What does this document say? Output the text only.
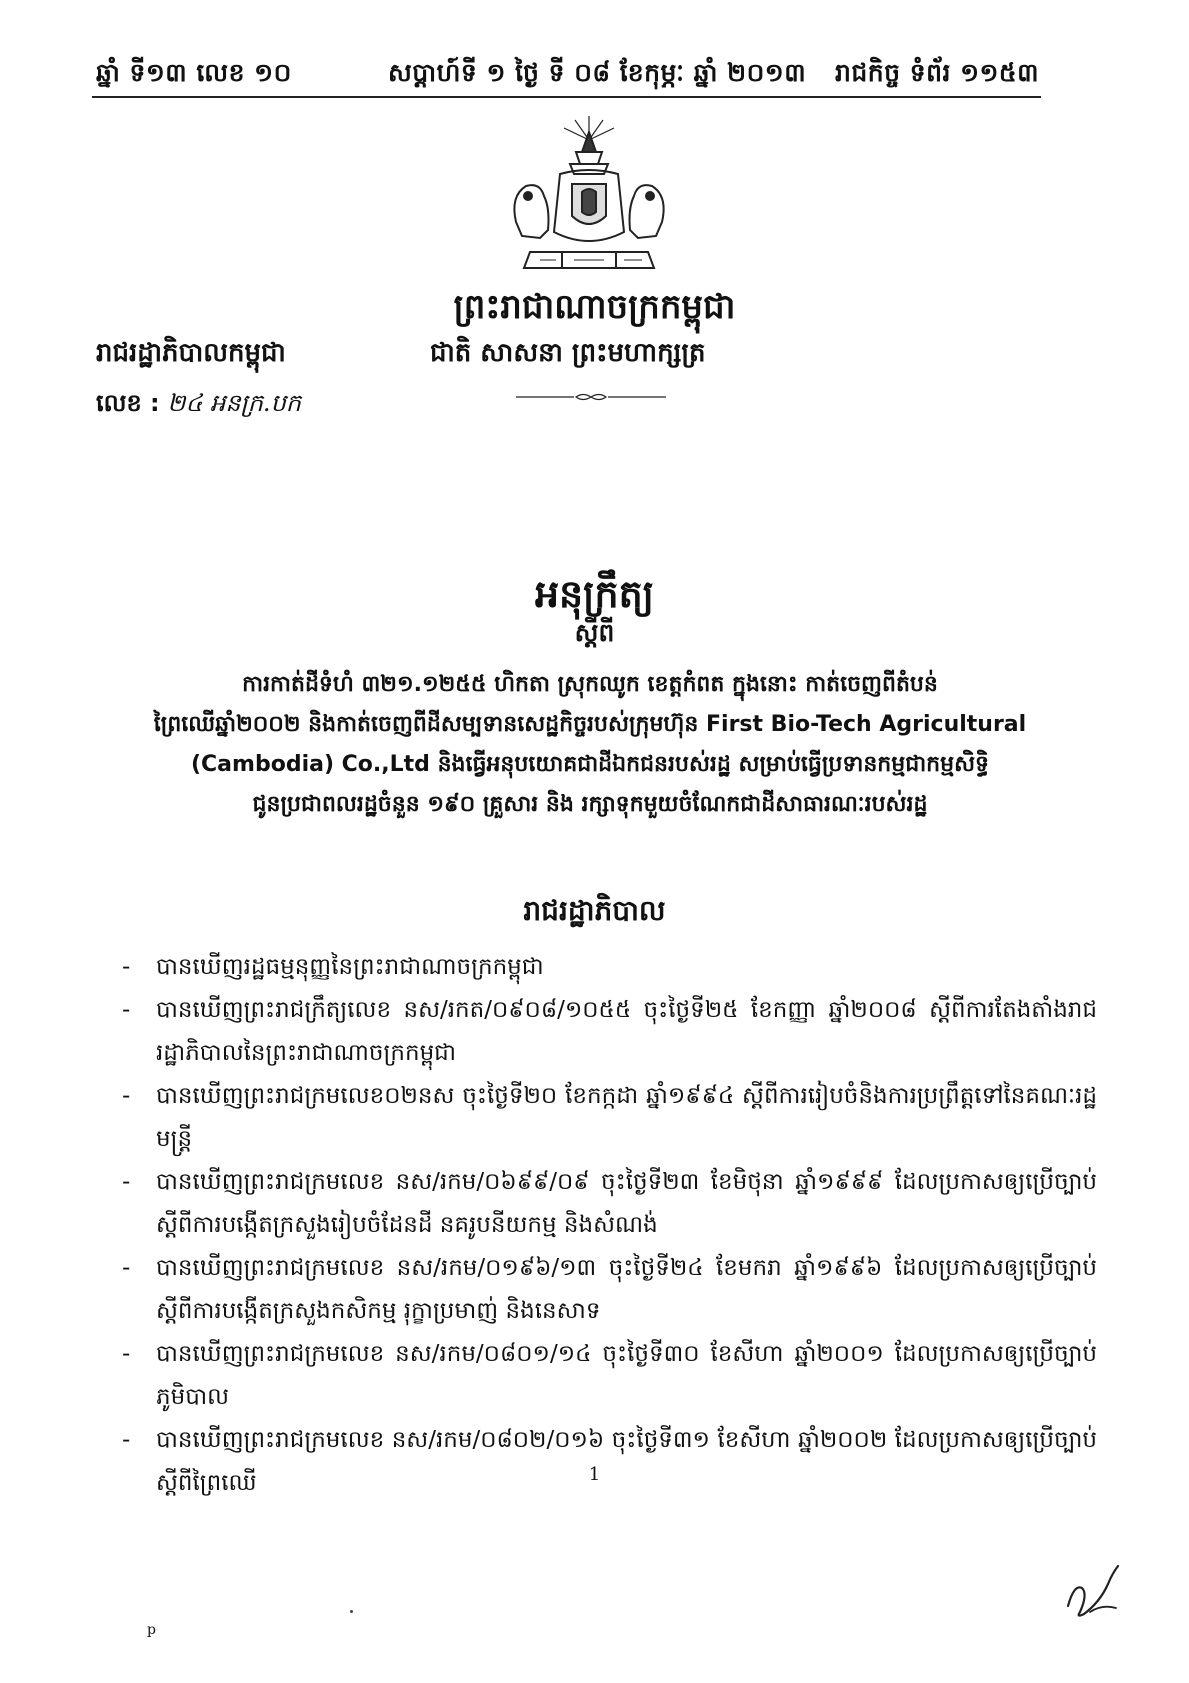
ឆ្នាំ ទី១៣ លេខ ១០	សប្តាហ៍ទី ១ ថ្ងៃ ទី ០៨ ខែកុម្ភៈ ឆ្នាំ ២០១៣ រាជកិច្ច ទំព័រ ១១៥៣
ព្រះរាជាណាចក្រកម្ពុជា
ជាតិ សាសនា ព្រះមហាក្សត្រ
រាជរដ្ឋាភិបាលកម្ពុជា
លេខ : ២៤ អនក្រ.បក
អនុក្រឹត្យ
ស្តីពី
ការកាត់ដីទំហំ ៣២១.១២៥៥ ហិកតា ស្រុកឈូក ខេត្តកំពត ក្នុងនោះ កាត់ចេញពីតំបន់
ព្រៃឈើឆ្នាំ២០០២ និងកាត់ចេញពីដីសម្បទានសេដ្ឋកិច្ចរបស់ក្រុមហ៊ុន First Bio-Tech Agricultural
(Cambodia) Co.,Ltd និងធ្វើអនុបយោគជាដីឯកជនរបស់រដ្ឋ សម្រាប់ធ្វើប្រទានកម្មជាកម្មសិទ្ធិ
ជូនប្រជាពលរដ្ឋចំនួន ១៩០ គ្រួសារ និង រក្សាទុកមួយចំណែកជាដីសាធារណៈរបស់រដ្ឋ
រាជរដ្ឋាភិបាល
- បានឃើញរដ្ឋធម្មនុញ្ញនៃព្រះរាជាណាចក្រកម្ពុជា
- បានឃើញព្រះរាជក្រឹត្យលេខ នស/រកត/០៩០៨/១០៥៥ ចុះថ្ងៃទី២៥ ខែកញ្ញា ឆ្នាំ២០០៨ ស្តីពីការតែងតាំងរាជរដ្ឋាភិបាលនៃព្រះរាជាណាចក្រកម្ពុជា
- បានឃើញព្រះរាជក្រមលេខ០២នស ចុះថ្ងៃទី២០ ខែកក្កដា ឆ្នាំ១៩៩៤ ស្តីពីការរៀបចំនិងការប្រព្រឹត្តទៅនៃគណៈរដ្ឋមន្ត្រី
- បានឃើញព្រះរាជក្រមលេខ នស/រកម/០៦៩៩/០៩ ចុះថ្ងៃទី២៣ ខែមិថុនា ឆ្នាំ១៩៩៩ ដែលប្រកាសឲ្យប្រើច្បាប់ស្តីពីការបង្កើតក្រសួងរៀបចំដែនដី នគរូបនីយកម្ម និងសំណង់
- បានឃើញព្រះរាជក្រមលេខ នស/រកម/០១៩៦/១៣ ចុះថ្ងៃទី២៤ ខែមករា ឆ្នាំ១៩៩៦ ដែលប្រកាសឲ្យប្រើច្បាប់ស្តីពីការបង្កើតក្រសួងកសិកម្ម រុក្ខាប្រមាញ់ និងនេសាទ
- បានឃើញព្រះរាជក្រមលេខ នស/រកម/០៨០១/១៤ ចុះថ្ងៃទី៣០ ខែសីហា ឆ្នាំ២០០១ ដែលប្រកាសឲ្យប្រើច្បាប់ភូមិបាល
- បានឃើញព្រះរាជក្រមលេខ នស/រកម/០៨០២/០១៦ ចុះថ្ងៃទី៣១ ខែសីហា ឆ្នាំ២០០២ ដែលប្រកាសឲ្យប្រើច្បាប់ស្តីពីព្រៃឈើ	1
p
